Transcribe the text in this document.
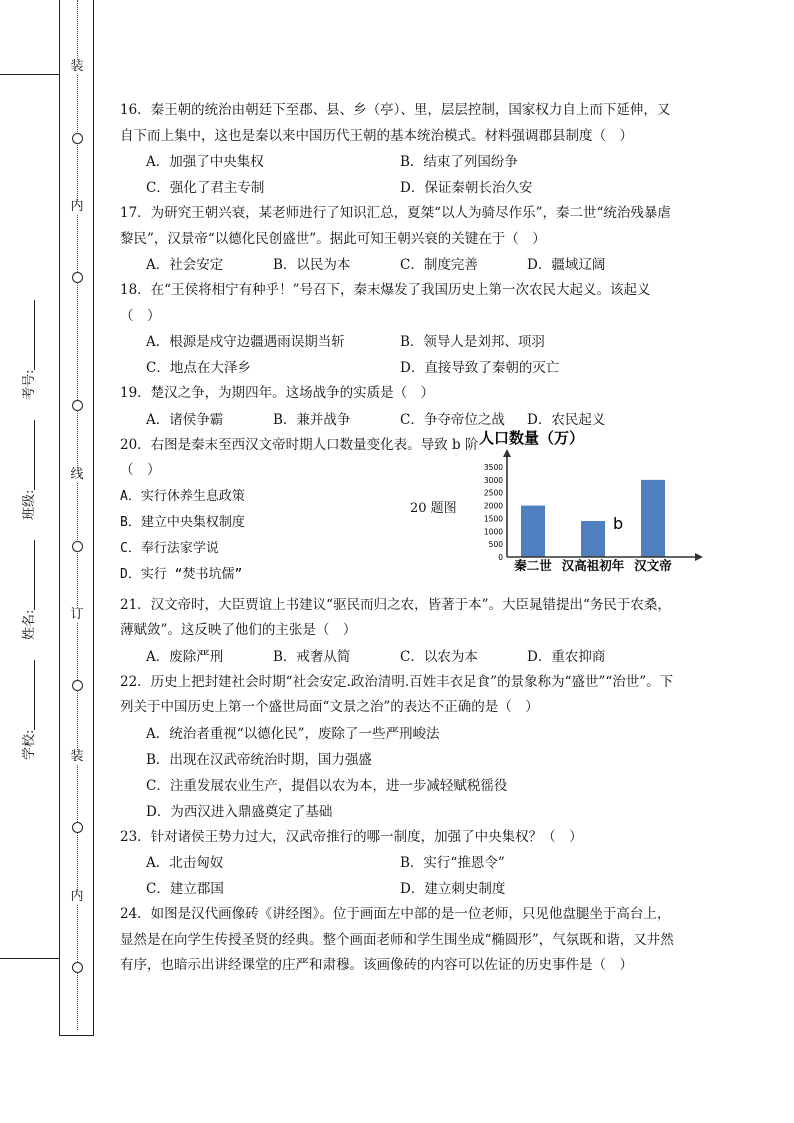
装
内
线
订
装
内
学校:
姓名:
班级:
考号:
16．秦王朝的统治由朝廷下至郡、县、乡（亭）、里，层层控制，国家权力自上而下延伸，又自下而上集中，这也是秦以来中国历代王朝的基本统治模式。材料强调郡县制度（　）
A．加强了中央集权	B．结束了列国纷争
C．强化了君主专制	D．保证秦朝长治久安
17．为研究王朝兴衰，某老师进行了知识汇总，夏桀“以人为骑尽作乐”，秦二世“统治残暴虐黎民”，汉景帝“以德化民创盛世”。据此可知王朝兴衰的关键在于（　）
A．社会安定	B．以民为本	C．制度完善	D．疆域辽阔
18．在“王侯将相宁有种乎！”号召下，秦末爆发了我国历史上第一次农民大起义。该起义（　）
A．根源是戍守边疆遇雨误期当斩	B．领导人是刘邦、项羽
C．地点在大泽乡	D．直接导致了秦朝的灭亡
19．楚汉之争，为期四年。这场战争的实质是（　）
A．诸侯争霸	B．兼并战争	C．争夺帝位之战	D．农民起义
20．右图是秦末至西汉文帝时期人口数量变化表。导致 b 阶
（　）
A．实行休养生息政策
B．建立中央集权制度
C．奉行法家学说
D．实行 “焚书坑儒”
20 题图
人口数量（万）
3500
3000
2500
2000
1500
1000
500
0
秦二世 汉高祖初年 汉文帝
b
21．汉文帝时，大臣贾谊上书建议“驱民而归之农，皆著于本”。大臣晁错提出“务民于农桑，薄赋敛”。这反映了他们的主张是（　）
A．废除严刑	B．戒奢从简	C．以农为本	D．重农抑商
22．历史上把封建社会时期“社会安定.政治清明.百姓丰衣足食”的景象称为“盛世”“治世”。下列关于中国历史上第一个盛世局面“文景之治”的表达不正确的是（　）
A．统治者重视“以德化民”，废除了一些严刑峻法
B．出现在汉武帝统治时期，国力强盛
C．注重发展农业生产，提倡以农为本，进一步减轻赋税徭役
D．为西汉进入鼎盛奠定了基础
23．针对诸侯王势力过大，汉武帝推行的哪一制度，加强了中央集权？（　）
A．北击匈奴	B．实行“推恩令”
C．建立郡国	D．建立刺史制度
24．如图是汉代画像砖《讲经图》。位于画面左中部的是一位老师，只见他盘腿坐于高台上，显然是在向学生传授圣贤的经典。整个画面老师和学生围坐成“椭圆形”，气氛既和谐，又井然有序，也暗示出讲经课堂的庄严和肃穆。该画像砖的内容可以佐证的历史事件是（　）
